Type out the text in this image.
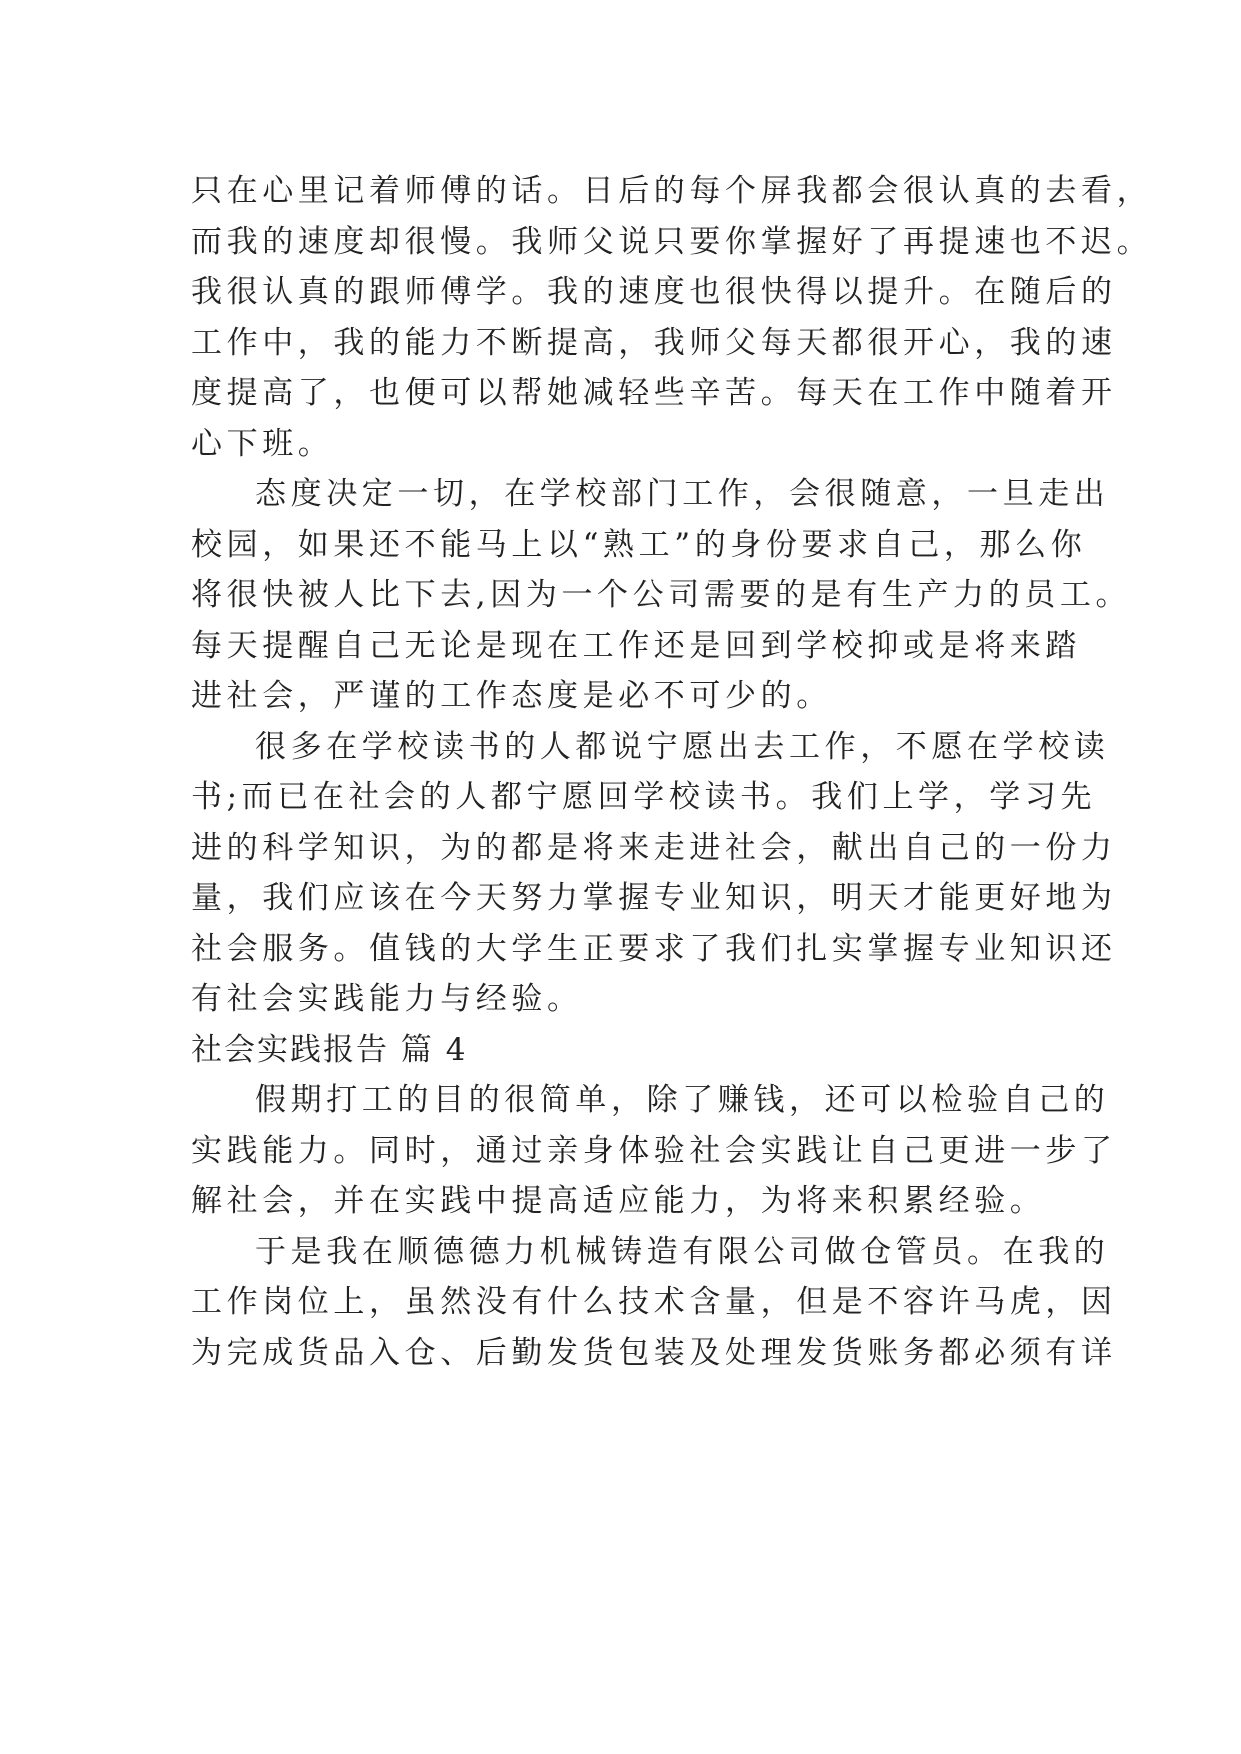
只在心里记着师傅的话。日后的每个屏我都会很认真的去看，
而我的速度却很慢。我师父说只要你掌握好了再提速也不迟。
我很认真的跟师傅学。我的速度也很快得以提升。在随后的
工作中，我的能力不断提高，我师父每天都很开心，我的速
度提高了，也便可以帮她减轻些辛苦。每天在工作中随着开
心下班。
态度决定一切，在学校部门工作，会很随意，一旦走出
校园，如果还不能马上以“熟工”的身份要求自己，那么你
将很快被人比下去,因为一个公司需要的是有生产力的员工。
每天提醒自己无论是现在工作还是回到学校抑或是将来踏
进社会，严谨的工作态度是必不可少的。
很多在学校读书的人都说宁愿出去工作，不愿在学校读
书;而已在社会的人都宁愿回学校读书。我们上学，学习先
进的科学知识，为的都是将来走进社会，献出自己的一份力
量，我们应该在今天努力掌握专业知识，明天才能更好地为
社会服务。值钱的大学生正要求了我们扎实掌握专业知识还
有社会实践能力与经验。
社会实践报告 篇 4
假期打工的目的很简单，除了赚钱，还可以检验自己的
实践能力。同时，通过亲身体验社会实践让自己更进一步了
解社会，并在实践中提高适应能力，为将来积累经验。
于是我在顺德德力机械铸造有限公司做仓管员。在我的
工作岗位上，虽然没有什么技术含量，但是不容许马虎，因
为完成货品入仓、后勤发货包装及处理发货账务都必须有详
